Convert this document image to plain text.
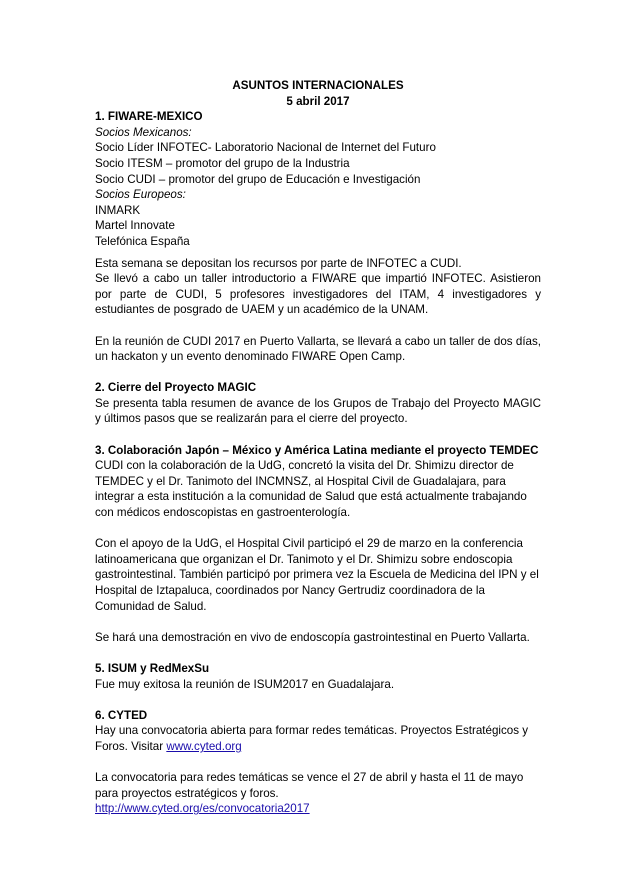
ASUNTOS INTERNACIONALES

5 abril 2017

1. FIWARE-MEXICO

Socios Mexicanos:

Socio Líder INFOTEC- Laboratorio Nacional de Internet del Futuro

Socio ITESM – promotor del grupo de la Industria

Socio CUDI – promotor del grupo de Educación e Investigación

Socios Europeos:

INMARK

Martel Innovate

Telefónica España

Esta semana se depositan los recursos por parte de INFOTEC a CUDI.

Se llevó a cabo un taller introductorio a FIWARE que impartió INFOTEC. Asistieron por parte de CUDI, 5 profesores investigadores del ITAM, 4 investigadores y estudiantes de posgrado de UAEM y un académico de la UNAM.

En la reunión de CUDI 2017 en Puerto Vallarta, se llevará a cabo un taller de dos días, un hackaton y un evento denominado FIWARE Open Camp.

2. Cierre del Proyecto MAGIC

Se presenta tabla resumen de avance de los Grupos de Trabajo del Proyecto MAGIC y últimos pasos que se realizarán para el cierre del proyecto.

3. Colaboración Japón – México y América Latina mediante el proyecto TEMDEC

CUDI con la colaboración de la UdG, concretó la visita del Dr. Shimizu director de TEMDEC y el Dr. Tanimoto del INCMNSZ, al Hospital Civil de Guadalajara, para integrar a esta institución a la comunidad de Salud que está actualmente trabajando con médicos endoscopistas en gastroenterología.

Con el apoyo de la UdG, el Hospital Civil participó el 29 de marzo en la conferencia latinoamericana que organizan el Dr. Tanimoto y el Dr. Shimizu sobre endoscopia gastrointestinal. También participó por primera vez la Escuela de Medicina del IPN y el Hospital de Iztapaluca, coordinados por Nancy Gertrudiz coordinadora de la Comunidad de Salud.

Se hará una demostración en vivo de endoscopía gastrointestinal en Puerto Vallarta.

5. ISUM y RedMexSu

Fue muy exitosa la reunión de ISUM2017 en Guadalajara.

6. CYTED

Hay una convocatoria abierta para formar redes temáticas. Proyectos Estratégicos y Foros. Visitar www.cyted.org

La convocatoria para redes temáticas se vence el 27 de abril y hasta el 11 de mayo para proyectos estratégicos y foros.

http://www.cyted.org/es/convocatoria2017
